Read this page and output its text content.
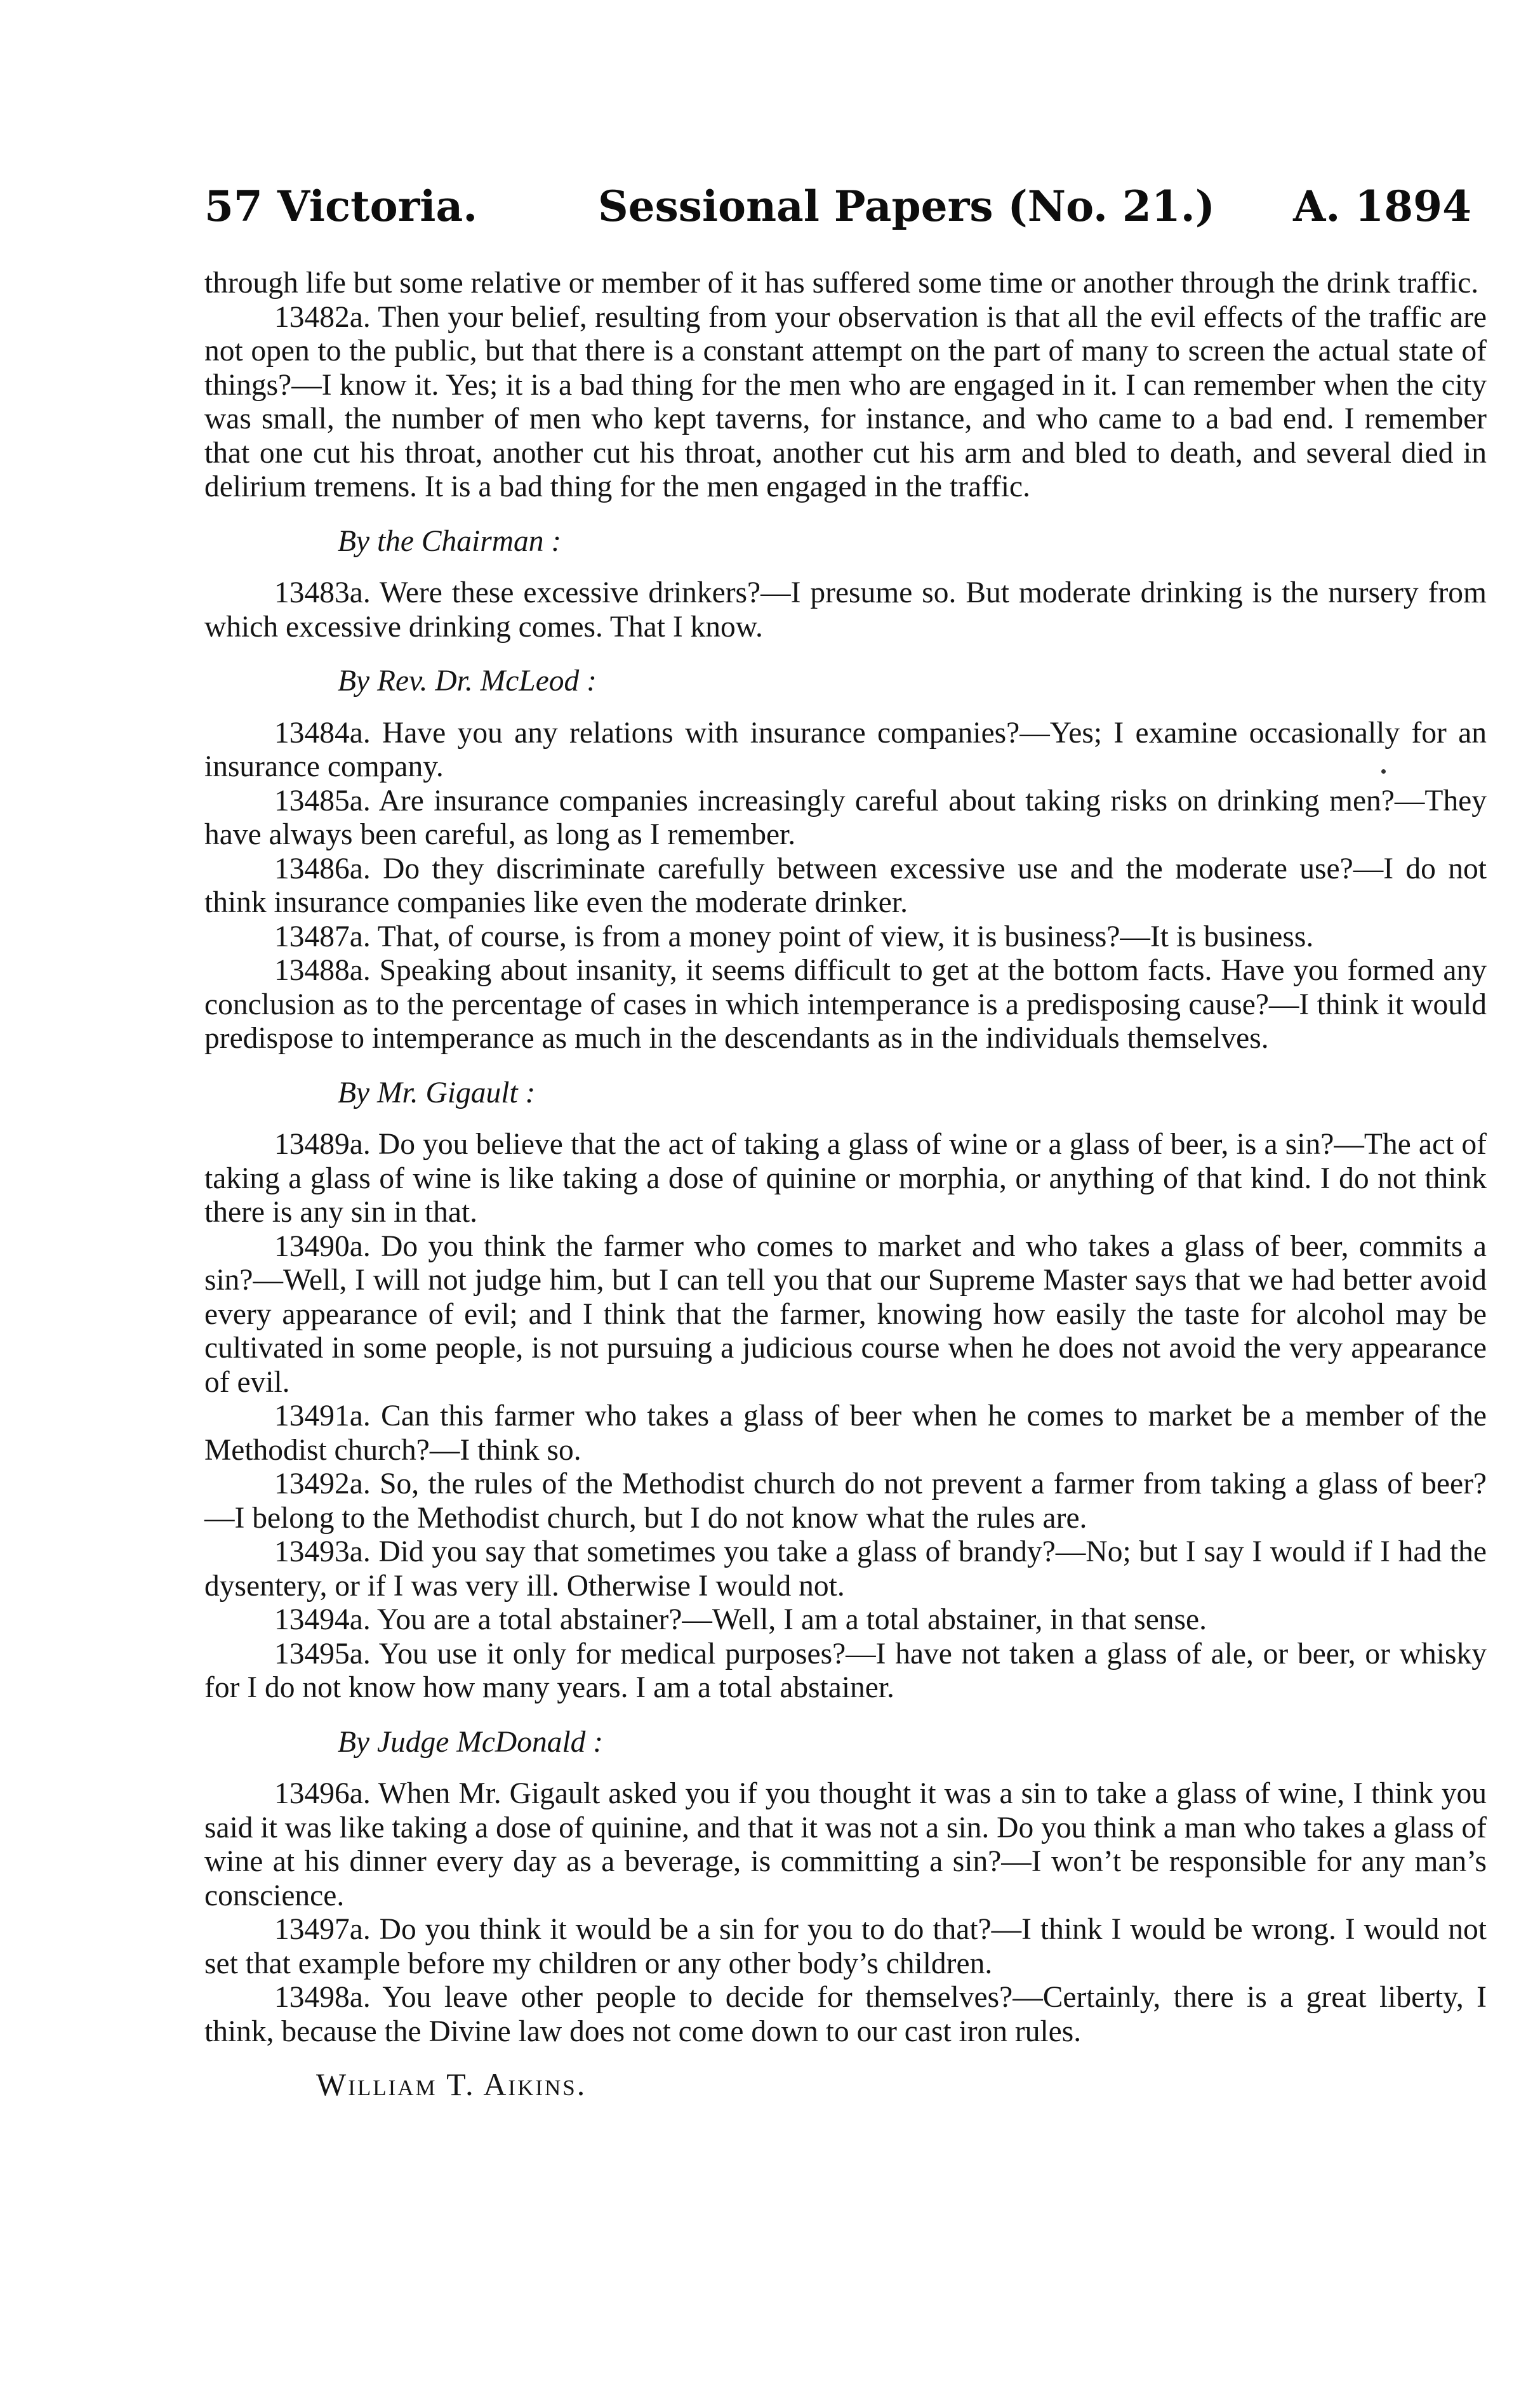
57 Victoria.	Sessional Papers (No. 21.) A. 1894

through life but some relative or member of it has suffered some time or another through the drink traffic.

13482a. Then your belief, resulting from your observation is that all the evil effects of the traffic are not open to the public, but that there is a constant attempt on the part of many to screen the actual state of things?—I know it. Yes; it is a bad thing for the men who are engaged in it. I can remember when the city was small, the number of men who kept taverns, for instance, and who came to a bad end. I remember that one cut his throat, another cut his throat, another cut his arm and bled to death, and several died in delirium tremens. It is a bad thing for the men engaged in the traffic.

By the Chairman :

13483a. Were these excessive drinkers?—I presume so. But moderate drinking is the nursery from which excessive drinking comes. That I know.

By Rev. Dr. McLeod :

13484a. Have you any relations with insurance companies?—Yes; I examine occasionally for an insurance company.

13485a. Are insurance companies increasingly careful about taking risks on drinking men?—They have always been careful, as long as I remember.

13486a. Do they discriminate carefully between excessive use and the moderate use?—I do not think insurance companies like even the moderate drinker.

13487a. That, of course, is from a money point of view, it is business?—It is business.

13488a. Speaking about insanity, it seems difficult to get at the bottom facts. Have you formed any conclusion as to the percentage of cases in which intemperance is a predisposing cause?—I think it would predispose to intemperance as much in the descendants as in the individuals themselves.

By Mr. Gigault :

13489a. Do you believe that the act of taking a glass of wine or a glass of beer, is a sin?—The act of taking a glass of wine is like taking a dose of quinine or morphia, or anything of that kind. I do not think there is any sin in that.

13490a. Do you think the farmer who comes to market and who takes a glass of beer, commits a sin?—Well, I will not judge him, but I can tell you that our Supreme Master says that we had better avoid every appearance of evil; and I think that the farmer, knowing how easily the taste for alcohol may be cultivated in some people, is not pursuing a judicious course when he does not avoid the very appearance of evil.

13491a. Can this farmer who takes a glass of beer when he comes to market be a member of the Methodist church?—I think so.

13492a. So, the rules of the Methodist church do not prevent a farmer from taking a glass of beer?—I belong to the Methodist church, but I do not know what the rules are.

13493a. Did you say that sometimes you take a glass of brandy?—No; but I say I would if I had the dysentery, or if I was very ill. Otherwise I would not.

13494a. You are a total abstainer?—Well, I am a total abstainer, in that sense.

13495a. You use it only for medical purposes?—I have not taken a glass of ale, or beer, or whisky for I do not know how many years. I am a total abstainer.

By Judge McDonald :

13496a. When Mr. Gigault asked you if you thought it was a sin to take a glass of wine, I think you said it was like taking a dose of quinine, and that it was not a sin. Do you think a man who takes a glass of wine at his dinner every day as a beverage, is committing a sin?—I won’t be responsible for any man’s conscience.

13497a. Do you think it would be a sin for you to do that?—I think I would be wrong. I would not set that example before my children or any other body’s children.

13498a. You leave other people to decide for themselves?—Certainly, there is a great liberty, I think, because the Divine law does not come down to our cast iron rules.

William T. Aikins.
